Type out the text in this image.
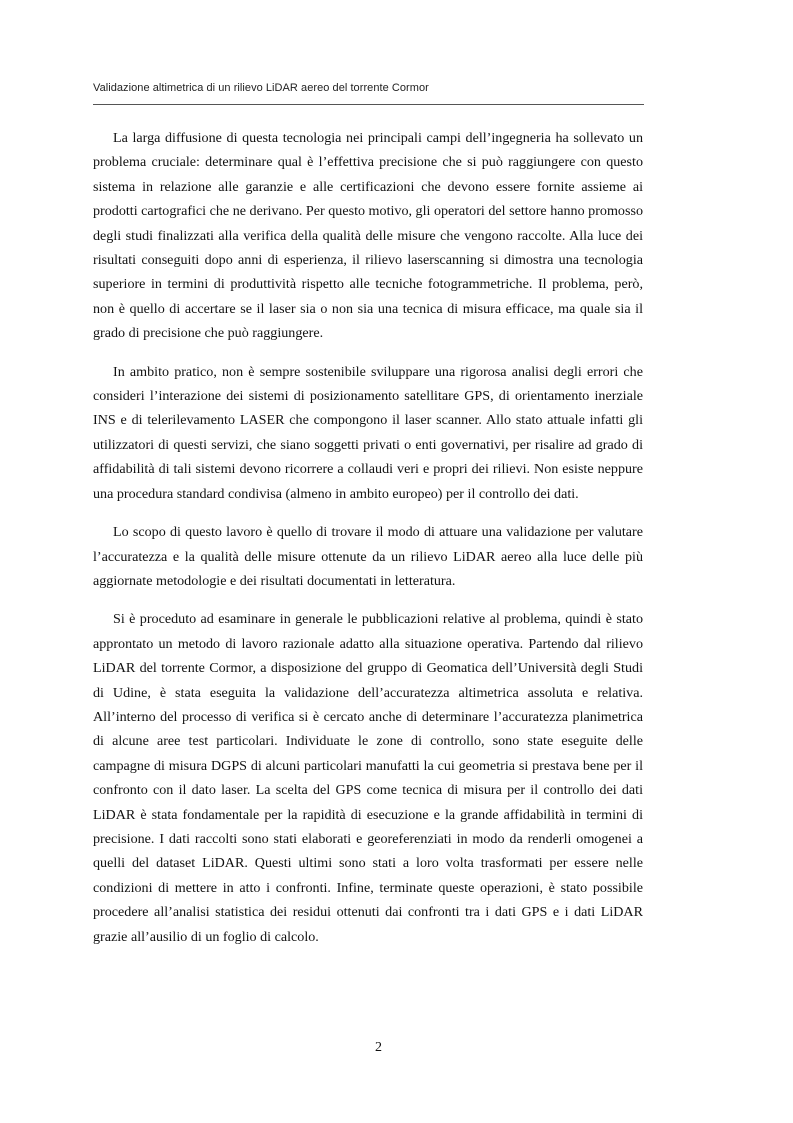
Validazione altimetrica di un rilievo LiDAR aereo del torrente Cormor

La larga diffusione di questa tecnologia nei principali campi dell’ingegneria ha sollevato un problema cruciale: determinare qual è l’effettiva precisione che si può raggiungere con questo sistema in relazione alle garanzie e alle certificazioni che devono essere fornite assieme ai prodotti cartografici che ne derivano. Per questo motivo, gli operatori del settore hanno promosso degli studi finalizzati alla verifica della qualità delle misure che vengono raccolte. Alla luce dei risultati conseguiti dopo anni di esperienza, il rilievo laserscanning si dimostra una tecnologia superiore in termini di produttività rispetto alle tecniche fotogrammetriche. Il problema, però, non è quello di accertare se il laser sia o non sia una tecnica di misura efficace, ma quale sia il grado di precisione che può raggiungere.

In ambito pratico, non è sempre sostenibile sviluppare una rigorosa analisi degli errori che consideri l’interazione dei sistemi di posizionamento satellitare GPS, di orientamento inerziale INS e di telerilevamento LASER che compongono il laser scanner. Allo stato attuale infatti gli utilizzatori di questi servizi, che siano soggetti privati o enti governativi, per risalire ad grado di affidabilità di tali sistemi devono ricorrere a collaudi veri e propri dei rilievi. Non esiste neppure una procedura standard condivisa (almeno in ambito europeo) per il controllo dei dati.

Lo scopo di questo lavoro è quello di trovare il modo di attuare una validazione per valutare l’accuratezza e la qualità delle misure ottenute da un rilievo LiDAR aereo alla luce delle più aggiornate metodologie e dei risultati documentati in letteratura.

Si è proceduto ad esaminare in generale le pubblicazioni relative al problema, quindi è stato approntato un metodo di lavoro razionale adatto alla situazione operativa. Partendo dal rilievo LiDAR del torrente Cormor, a disposizione del gruppo di Geomatica dell’Università degli Studi di Udine, è stata eseguita la validazione dell’accuratezza altimetrica assoluta e relativa. All’interno del processo di verifica si è cercato anche di determinare l’accuratezza planimetrica di alcune aree test particolari. Individuate le zone di controllo, sono state eseguite delle campagne di misura DGPS di alcuni particolari manufatti la cui geometria si prestava bene per il confronto con il dato laser. La scelta del GPS come tecnica di misura per il controllo dei dati LiDAR è stata fondamentale per la rapidità di esecuzione e la grande affidabilità in termini di precisione. I dati raccolti sono stati elaborati e georeferenziati in modo da renderli omogenei a quelli del dataset LiDAR. Questi ultimi sono stati a loro volta trasformati per essere nelle condizioni di mettere in atto i confronti. Infine, terminate queste operazioni, è stato possibile procedere all’analisi statistica dei residui ottenuti dai confronti tra i dati GPS e i dati LiDAR grazie all’ausilio di un foglio di calcolo.

2
